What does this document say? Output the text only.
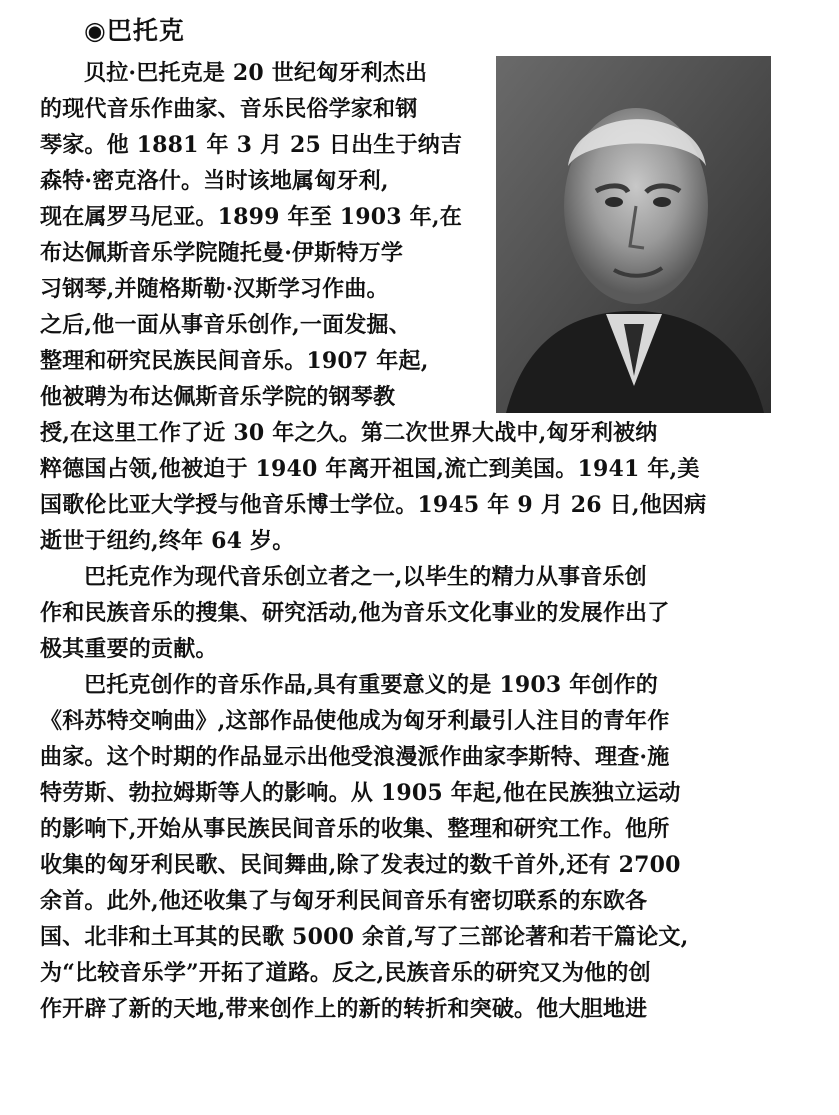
◉巴托克
贝拉·巴托克是 20 世纪匈牙利杰出
的现代音乐作曲家、音乐民俗学家和钢
琴家。他 1881 年 3 月 25 日出生于纳吉
森特·密克洛什。当时该地属匈牙利,
现在属罗马尼亚。1899 年至 1903 年,在
布达佩斯音乐学院随托曼·伊斯特万学
习钢琴,并随格斯勒·汉斯学习作曲。
之后,他一面从事音乐创作,一面发掘、
整理和研究民族民间音乐。1907 年起,
他被聘为布达佩斯音乐学院的钢琴教
授,在这里工作了近 30 年之久。第二次世界大战中,匈牙利被纳
粹德国占领,他被迫于 1940 年离开祖国,流亡到美国。1941 年,美
国歌伦比亚大学授与他音乐博士学位。1945 年 9 月 26 日,他因病
逝世于纽约,终年 64 岁。
巴托克作为现代音乐创立者之一,以毕生的精力从事音乐创
作和民族音乐的搜集、研究活动,他为音乐文化事业的发展作出了
极其重要的贡献。
巴托克创作的音乐作品,具有重要意义的是 1903 年创作的
《科苏特交响曲》,这部作品使他成为匈牙利最引人注目的青年作
曲家。这个时期的作品显示出他受浪漫派作曲家李斯特、理查·施
特劳斯、勃拉姆斯等人的影响。从 1905 年起,他在民族独立运动
的影响下,开始从事民族民间音乐的收集、整理和研究工作。他所
收集的匈牙利民歌、民间舞曲,除了发表过的数千首外,还有 2700
余首。此外,他还收集了与匈牙利民间音乐有密切联系的东欧各
国、北非和土耳其的民歌 5000 余首,写了三部论著和若干篇论文,
为“比较音乐学”开拓了道路。反之,民族音乐的研究又为他的创
作开辟了新的天地,带来创作上的新的转折和突破。他大胆地进
